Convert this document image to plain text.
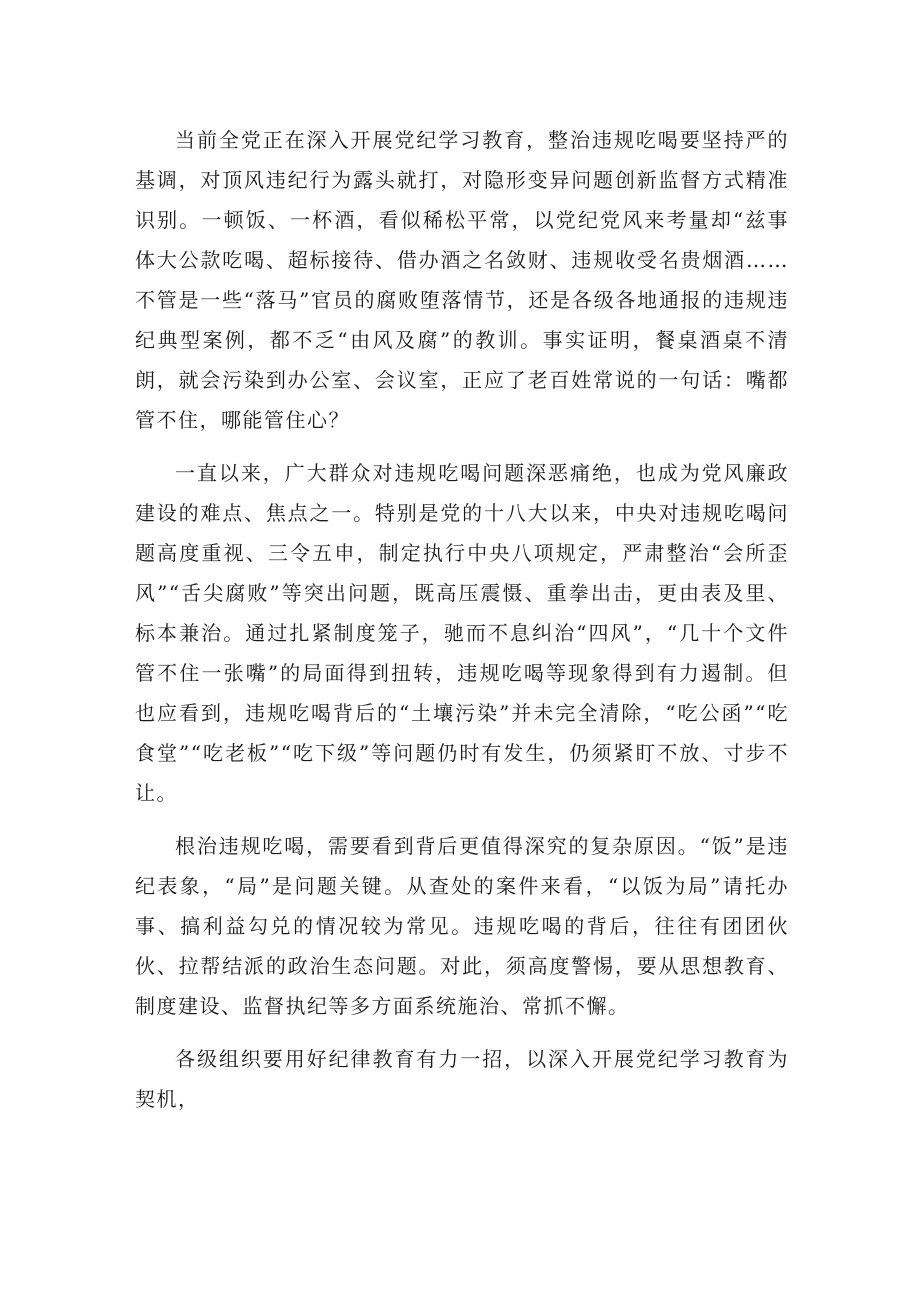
当前全党正在深入开展党纪学习教育，整治违规吃喝要坚持严的基调，对顶风违纪行为露头就打，对隐形变异问题创新监督方式精准识别。一顿饭、一杯酒，看似稀松平常，以党纪党风来考量却“兹事体大公款吃喝、超标接待、借办酒之名敛财、违规收受名贵烟酒……不管是一些“落马”官员的腐败堕落情节，还是各级各地通报的违规违纪典型案例，都不乏“由风及腐”的教训。事实证明，餐桌酒桌不清朗，就会污染到办公室、会议室，正应了老百姓常说的一句话：嘴都管不住，哪能管住心？

一直以来，广大群众对违规吃喝问题深恶痛绝，也成为党风廉政建设的难点、焦点之一。特别是党的十八大以来，中央对违规吃喝问题高度重视、三令五申，制定执行中央八项规定，严肃整治“会所歪风”“舌尖腐败”等突出问题，既高压震慑、重拳出击，更由表及里、标本兼治。通过扎紧制度笼子，驰而不息纠治“四风”，“几十个文件管不住一张嘴”的局面得到扭转，违规吃喝等现象得到有力遏制。但也应看到，违规吃喝背后的“土壤污染”并未完全清除，“吃公函”“吃食堂”“吃老板”“吃下级”等问题仍时有发生，仍须紧盯不放、寸步不让。

根治违规吃喝，需要看到背后更值得深究的复杂原因。“饭”是违纪表象，“局”是问题关键。从查处的案件来看，“以饭为局”请托办事、搞利益勾兑的情况较为常见。违规吃喝的背后，往往有团团伙伙、拉帮结派的政治生态问题。对此，须高度警惕，要从思想教育、制度建设、监督执纪等多方面系统施治、常抓不懈。

各级组织要用好纪律教育有力一招，以深入开展党纪学习教育为契机，
